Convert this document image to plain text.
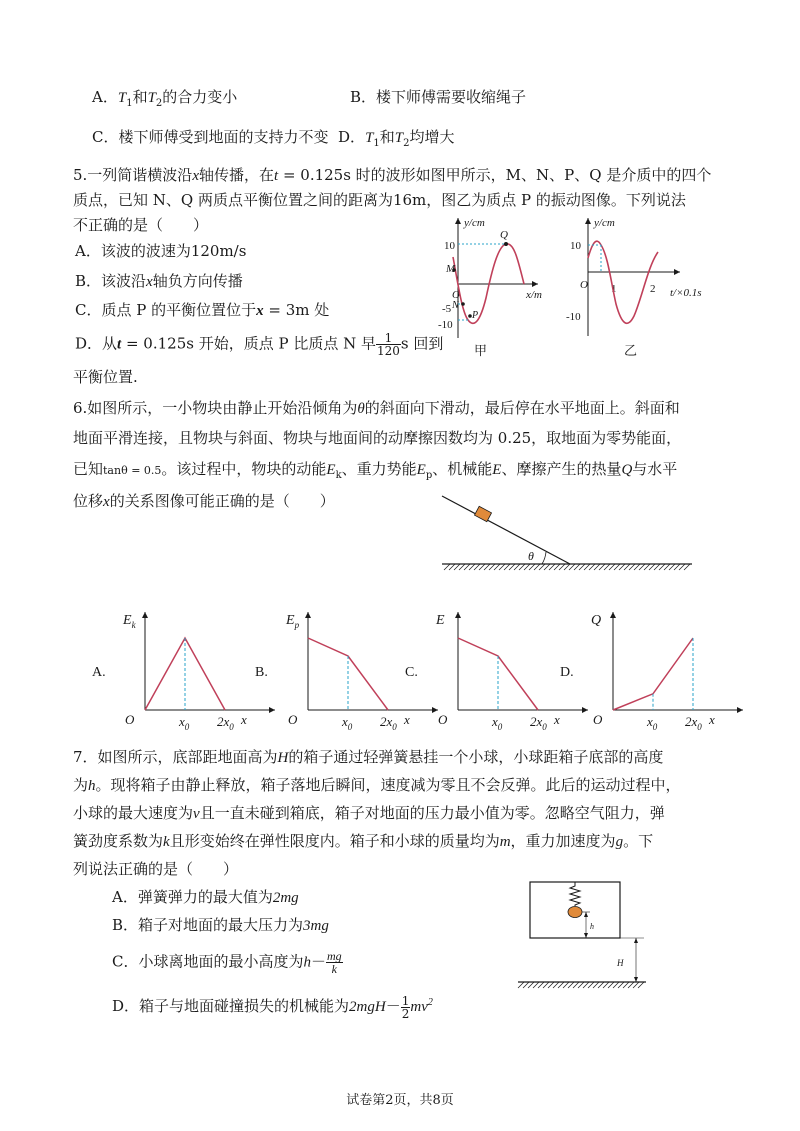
A．$T_1$和$T_2$的合力变小	B．楼下师傅需要收缩绳子
C．楼下师傅受到地面的支持力不变 D．$T_1$和$T_2$均增大
5.一列简谐横波沿x轴传播，在t = 0.125s 时的波形如图甲所示，M、N、P、Q 是介质中的四个
质点，已知 N、Q 两质点平衡位置之间的距离为16m，图乙为质点 P 的振动图像。下列说法
不正确的是（　　）
A．该波的波速为120m/s
B．该波沿x轴负方向传播
C．质点 P 的平衡位置位于x = 3m 处
D．从t = 0.125s 开始，质点 P 比质点 N 早 $\frac{1}{120}$ s 回到
平衡位置.
y/cm
x/m
10
-10
-5
O
Q
M
N
P
甲
y/cm
t/×0.1s
10
-10
O 1	2
乙
6.如图所示，一小物块由静止开始沿倾角为θ的斜面向下滑动，最后停在水平地面上。斜面和
地面平滑连接，且物块与斜面、物块与地面间的动摩擦因数均为 0.25，取地面为零势能面，
已知tanθ = 0.5。该过程中，物块的动能$E_k$、重力势能$E_p$、机械能E、摩擦产生的热量Q与水平
位移x的关系图像可能正确的是（　　）
θ
A.
$E_k$
O	$x_0$ $2x_0$ x
B.
$E_p$
O	$x_0$ $2x_0$ x
C.
E
O	$x_0$ $2x_0$ x
D.
Q
O	$x_0$ $2x_0$ x
7．如图所示，底部距地面高为H的箱子通过轻弹簧悬挂一个小球，小球距箱子底部的高度
为h。现将箱子由静止释放，箱子落地后瞬间，速度减为零且不会反弹。此后的运动过程中，
小球的最大速度为v且一直未碰到箱底，箱子对地面的压力最小值为零。忽略空气阻力，弹
簧劲度系数为k且形变始终在弹性限度内。箱子和小球的质量均为m，重力加速度为g。下
列说法正确的是（　　）
A．弹簧弹力的最大值为2mg
B．箱子对地面的最大压力为3mg
C．小球离地面的最小高度为$h- \frac{mg}{k}$
D．箱子与地面碰撞损失的机械能为$2mgH- \frac{1}{2} mv^2$
h
H
试卷第2页，共8页
